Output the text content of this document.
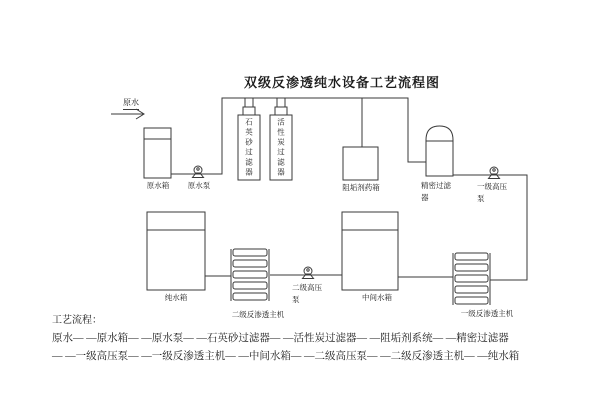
双级反渗透纯水设备工艺流程图
原水
原水箱	原水泵
石英砂过滤器	活性炭过滤器
阻垢剂药箱	精密过滤器
一级高压泵
一级反渗透主机
中间水箱
二级高压泵
二级反渗透主机
纯水箱
工艺流程：
原水— —原水箱— —原水泵— —石英砂过滤器— —活性炭过滤器— —阻垢剂系统— —精密过滤器
— —一级高压泵— —一级反渗透主机— —中间水箱— —二级高压泵— —二级反渗透主机— —纯水箱
